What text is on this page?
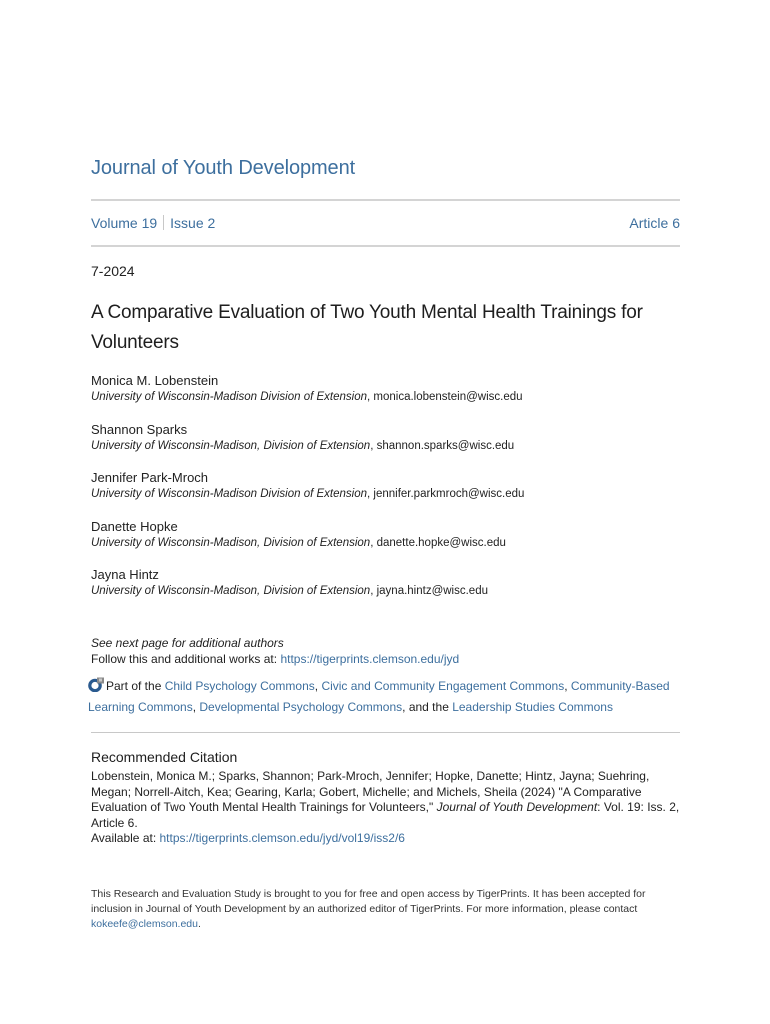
Journal of Youth Development
Volume 19 Issue 2	Article 6
7-2024
A Comparative Evaluation of Two Youth Mental Health Trainings for Volunteers
Monica M. Lobenstein
University of Wisconsin-Madison Division of Extension, monica.lobenstein@wisc.edu
Shannon Sparks
University of Wisconsin-Madison, Division of Extension, shannon.sparks@wisc.edu
Jennifer Park-Mroch
University of Wisconsin-Madison Division of Extension, jennifer.parkmroch@wisc.edu
Danette Hopke
University of Wisconsin-Madison, Division of Extension, danette.hopke@wisc.edu
Jayna Hintz
University of Wisconsin-Madison, Division of Extension, jayna.hintz@wisc.edu
See next page for additional authors
Follow this and additional works at: https://tigerprints.clemson.edu/jyd
Part of the Child Psychology Commons, Civic and Community Engagement Commons, Community-Based Learning Commons, Developmental Psychology Commons, and the Leadership Studies Commons
Recommended Citation
Lobenstein, Monica M.; Sparks, Shannon; Park-Mroch, Jennifer; Hopke, Danette; Hintz, Jayna; Suehring, Megan; Norrell-Aitch, Kea; Gearing, Karla; Gobert, Michelle; and Michels, Sheila (2024) "A Comparative Evaluation of Two Youth Mental Health Trainings for Volunteers," Journal of Youth Development: Vol. 19: Iss. 2, Article 6.
Available at: https://tigerprints.clemson.edu/jyd/vol19/iss2/6
This Research and Evaluation Study is brought to you for free and open access by TigerPrints. It has been accepted for inclusion in Journal of Youth Development by an authorized editor of TigerPrints. For more information, please contact kokeefe@clemson.edu.
